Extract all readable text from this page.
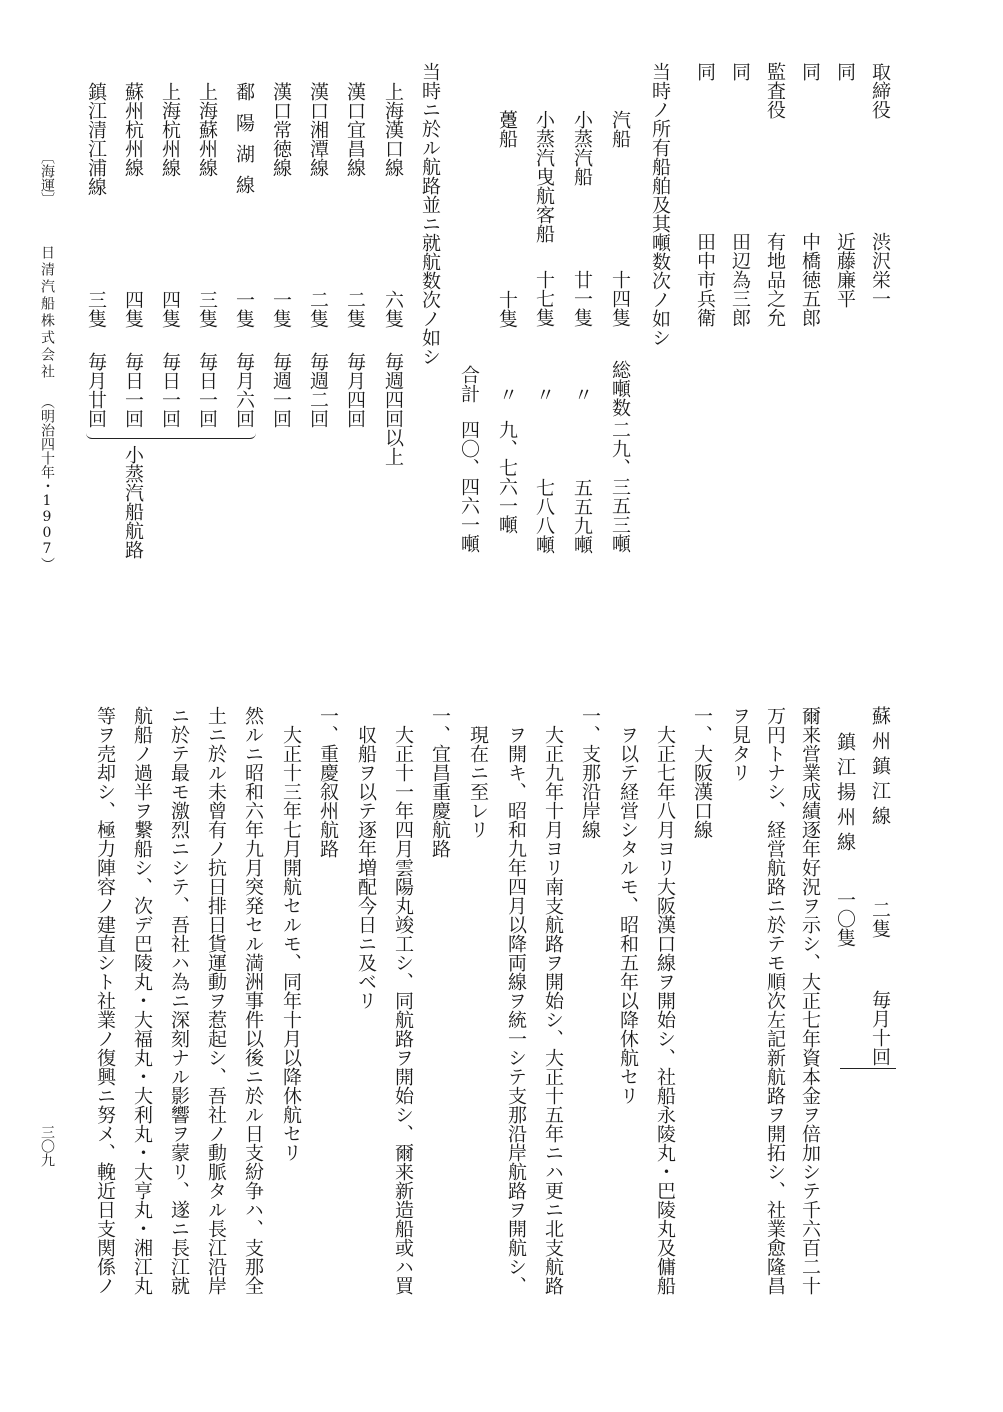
取締役
渋沢栄一
同
近藤廉平
同
中橋徳五郎
監査役
有地品之允
同
田辺為三郎
同
田中市兵衛
当時ノ所有船舶及其噸数次ノ如シ
汽船
十四隻
総噸数
二九、三五三噸
小蒸汽船
廿一隻
〃
五五九噸
小蒸汽曳航客船
十七隻
〃
七八八噸
躉船
十隻
〃
九、七六一噸
合計
四〇、四六一噸
当時ニ於ル航路並ニ就航数次ノ如シ
上海漢口線
六隻
毎週四回以上
漢口宜昌線
二隻
毎月四回
漢口湘潭線
二隻
毎週二回
漢口常徳線
一隻
毎週一回
鄱陽湖線
一隻
毎月六回
上海蘇州線
三隻
毎日一回
上海杭州線
四隻
毎日一回
蘇州杭州線
四隻
毎日一回
鎮江清江浦線
三隻
毎月廿回
小蒸汽船航路
〔海運〕
日清汽船株式会社
（明治四十年・1907）
三〇九
蘇州鎮江線
二隻
毎月十回
鎮江揚州線
一〇隻
爾来営業成績逐年好況ヲ示シ、大正七年資本金ヲ倍加シテ千六百二十
万円トナシ、経営航路ニ於テモ順次左記新航路ヲ開拓シ、社業愈隆昌
ヲ見タリ
一、大阪漢口線
大正七年八月ヨリ大阪漢口線ヲ開始シ、社船永陵丸・巴陵丸及傭船
ヲ以テ経営シタルモ、昭和五年以降休航セリ
一、支那沿岸線
大正九年十月ヨリ南支航路ヲ開始シ、大正十五年ニハ更ニ北支航路
ヲ開キ、昭和九年四月以降両線ヲ統一シテ支那沿岸航路ヲ開航シ、
現在ニ至レリ
一、宜昌重慶航路
大正十一年四月雲陽丸竣工シ、同航路ヲ開始シ、爾来新造船或ハ買
収船ヲ以テ逐年増配今日ニ及ベリ
一、重慶叙州航路
大正十三年七月開航セルモ、同年十月以降休航セリ
然ルニ昭和六年九月突発セル満洲事件以後ニ於ル日支紛争ハ、支那全
土ニ於ル未曾有ノ抗日排日貨運動ヲ惹起シ、吾社ノ動脈タル長江沿岸
ニ於テ最モ激烈ニシテ、吾社ハ為ニ深刻ナル影響ヲ蒙リ、遂ニ長江就
航船ノ過半ヲ繋船シ、次デ巴陵丸・大福丸・大利丸・大亨丸・湘江丸
等ヲ売却シ、極力陣容ノ建直シト社業ノ復興ニ努メ、輓近日支関係ノ
